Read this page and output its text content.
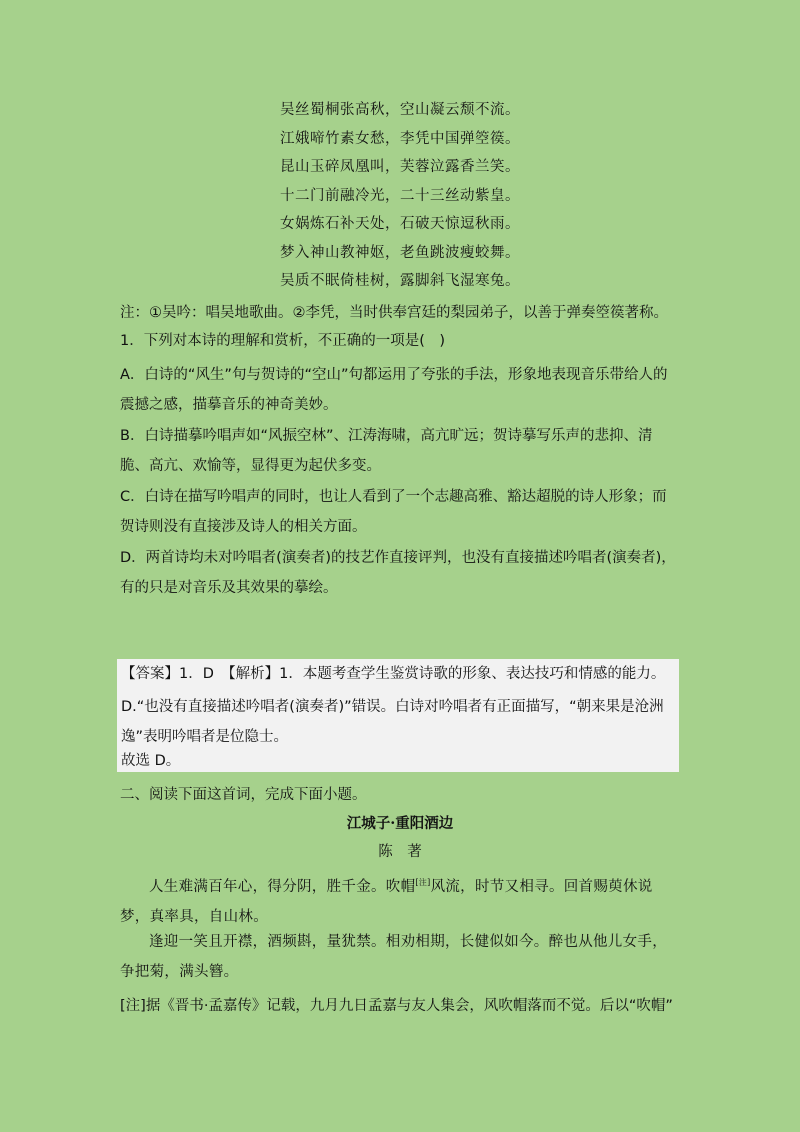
吴丝蜀桐张高秋，空山凝云颓不流。
江娥啼竹素女愁，李凭中国弹箜篌。
昆山玉碎凤凰叫，芙蓉泣露香兰笑。
十二门前融冷光，二十三丝动紫皇。
女娲炼石补天处，石破天惊逗秋雨。
梦入神山教神妪，老鱼跳波瘦蛟舞。
吴质不眠倚桂树，露脚斜飞湿寒兔。
注：①吴吟：唱吴地歌曲。②李凭，当时供奉宫廷的梨园弟子，以善于弹奏箜篌著称。
1．下列对本诗的理解和赏析，不正确的一项是(　)
A．白诗的“风生”句与贺诗的“空山”句都运用了夸张的手法，形象地表现音乐带给人的震撼之感，描摹音乐的神奇美妙。
B．白诗描摹吟唱声如“风振空林”、江涛海啸，高亢旷远；贺诗摹写乐声的悲抑、清脆、高亢、欢愉等，显得更为起伏多变。
C．白诗在描写吟唱声的同时，也让人看到了一个志趣高雅、豁达超脱的诗人形象；而贺诗则没有直接涉及诗人的相关方面。
D．两首诗均未对吟唱者(演奏者)的技艺作直接评判，也没有直接描述吟唱者(演奏者)，有的只是对音乐及其效果的摹绘。
【答案】1．D　【解析】1．本题考查学生鉴赏诗歌的形象、表达技巧和情感的能力。
D.“也没有直接描述吟唱者(演奏者)”错误。白诗对吟唱者有正面描写，“朝来果是沧洲逸”表明吟唱者是位隐士。
故选 D。
二、阅读下面这首词，完成下面小题。
江城子·重阳酒边
陈　著
人生难满百年心，得分阴，胜千金。吹帽[注]风流，时节又相寻。回首赐萸休说梦，真率具，自山林。
逢迎一笑且开襟，酒频斟，量犹禁。相劝相期，长健似如今。醉也从他儿女手，争把菊，满头簪。
[注]据《晋书·孟嘉传》记载，九月九日孟嘉与友人集会，风吹帽落而不觉。后以“吹帽”
